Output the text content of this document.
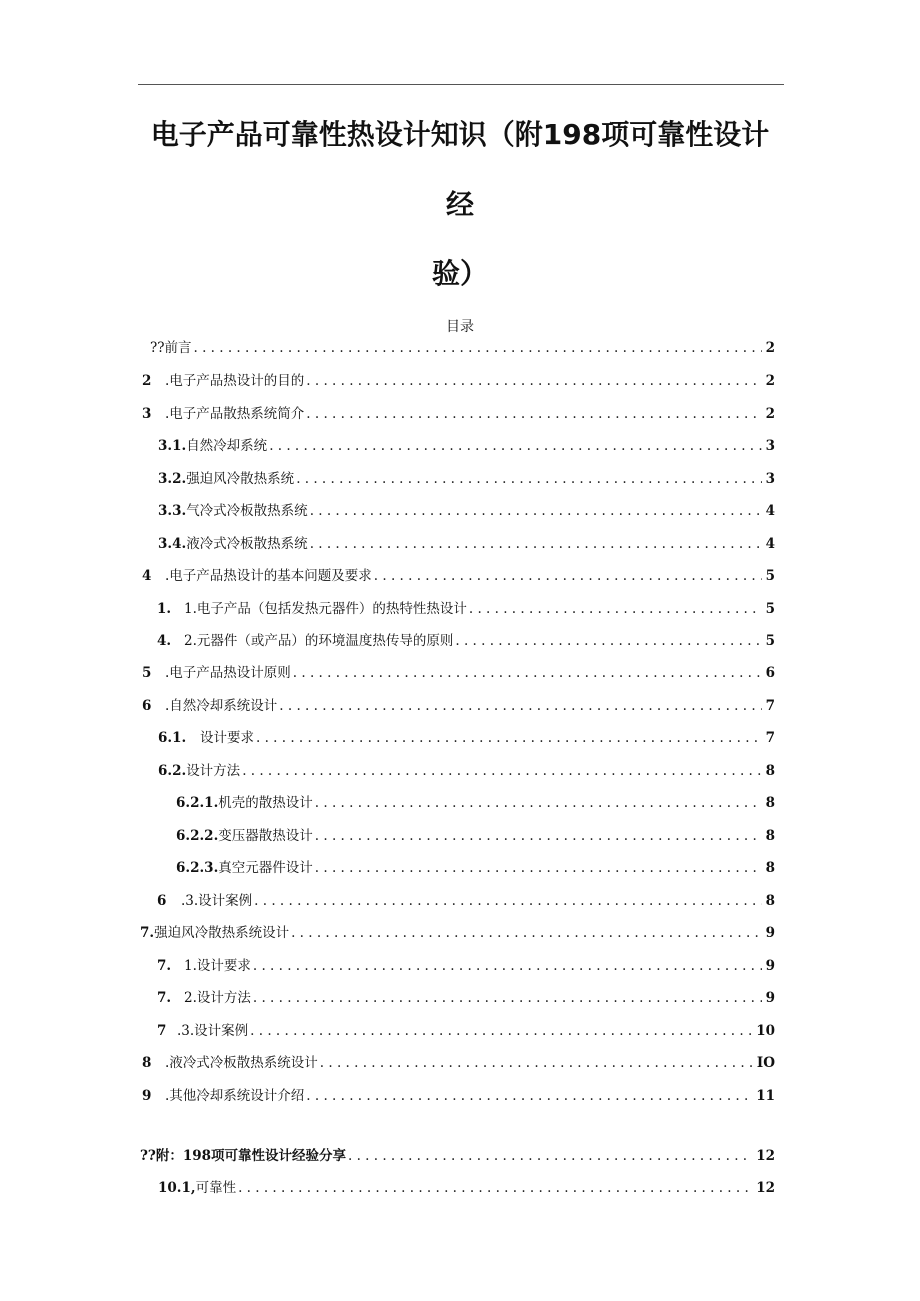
电子产品可靠性热设计知识（附198项可靠性设计
经
验）
目录
??前言 . . .	2
2	.电子产品热设计的目的 . . .	2
3	.电子产品散热系统简介 . . .	2
3.1. 自然冷却系统 . . .	3
3.2. 强迫风冷散热系统 . . .	3
3.3. 气冷式冷板散热系统 . . .	4
3.4. 液冷式冷板散热系统 . . .	4
4	.电子产品热设计的基本问题及要求 . . .	5
1. 1.电子产品（包括发热元器件）的热特性热设计 . . .	5
4. 2.元器件（或产品）的环境温度热传导的原则 . . .	5
5	.电子产品热设计原则 . . .	6
6	.自然冷却系统设计 . . .	7
6.1.	设计要求 . . .	7
6.2. 设计方法 . . .	8
6.2.1. 机壳的散热设计 . . .	8
6.2.2. 变压器散热设计 . . .	8
6.2.3. 真空元器件设计 . . .	8
6	.3.设计案例 . . .	8
7. 强迫风冷散热系统设计 . . .	9
7. 1.设计要求 . . .	9
7. 2.设计方法 . . .	9
7 .3.设计案例 . . .	10
8	.液冷式冷板散热系统设计 . . .	IO
9	.其他冷却系统设计介绍 . . .	11
??附：198项可靠性设计经验分享 . . .	12
10.1, 可靠性 . . .	12
